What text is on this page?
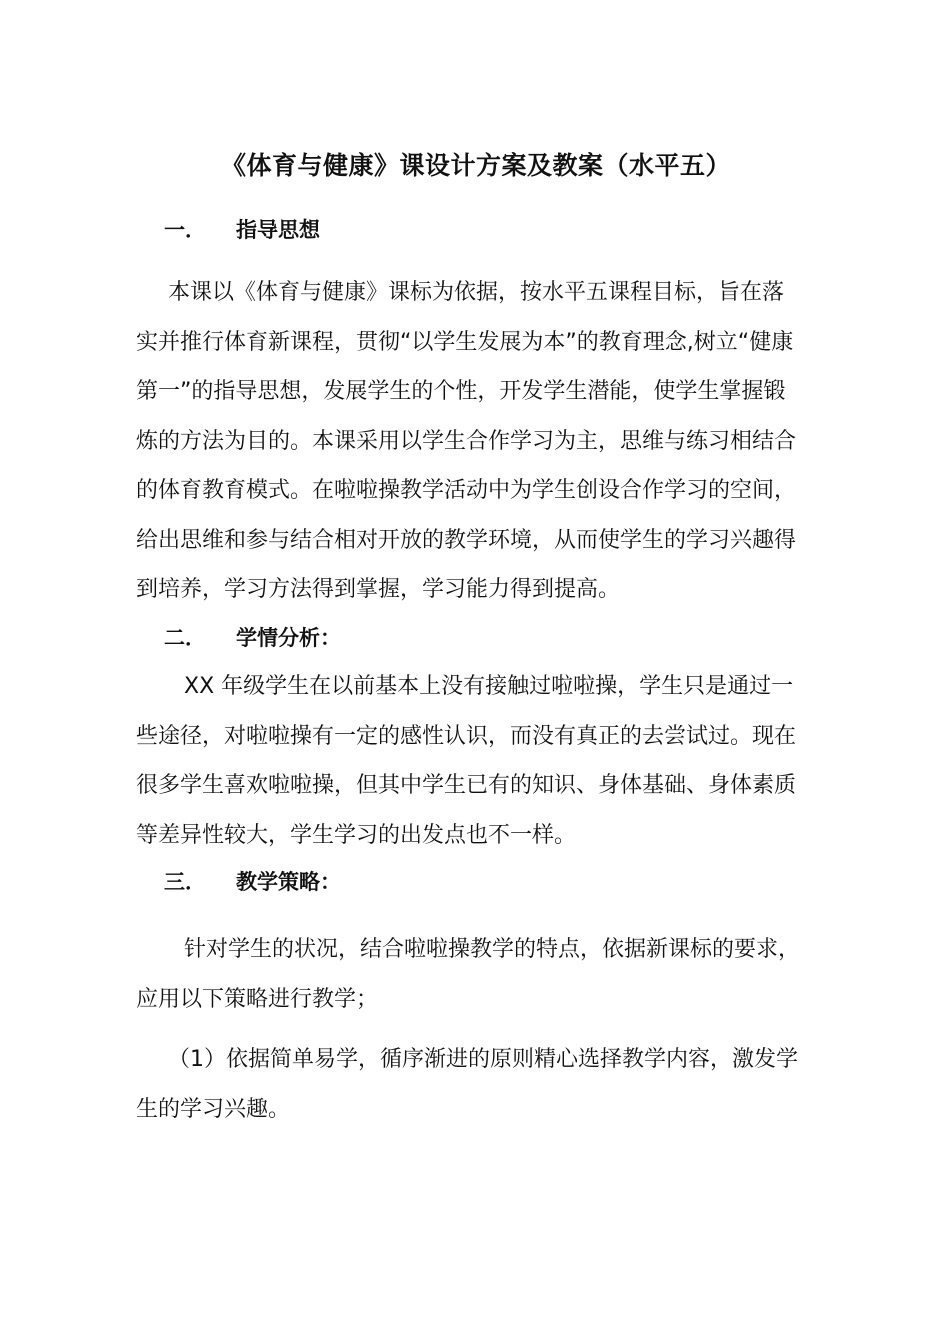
《体育与健康》课设计方案及教案（水平五）
一． 指导思想
本课以《体育与健康》课标为依据，按水平五课程目标，旨在落
实并推行体育新课程，贯彻“以学生发展为本”的教育理念,树立“健康
第一”的指导思想，发展学生的个性，开发学生潜能，使学生掌握锻
炼的方法为目的。本课采用以学生合作学习为主，思维与练习相结合
的体育教育模式。在啦啦操教学活动中为学生创设合作学习的空间，
给出思维和参与结合相对开放的教学环境，从而使学生的学习兴趣得
到培养，学习方法得到掌握，学习能力得到提高。
二． 学情分析：
XX 年级学生在以前基本上没有接触过啦啦操，学生只是通过一
些途径，对啦啦操有一定的感性认识，而没有真正的去尝试过。现在
很多学生喜欢啦啦操，但其中学生已有的知识、身体基础、身体素质
等差异性较大，学生学习的出发点也不一样。
三． 教学策略：
针对学生的状况，结合啦啦操教学的特点，依据新课标的要求，
应用以下策略进行教学；
（1）依据简单易学，循序渐进的原则精心选择教学内容，激发学
生的学习兴趣。
